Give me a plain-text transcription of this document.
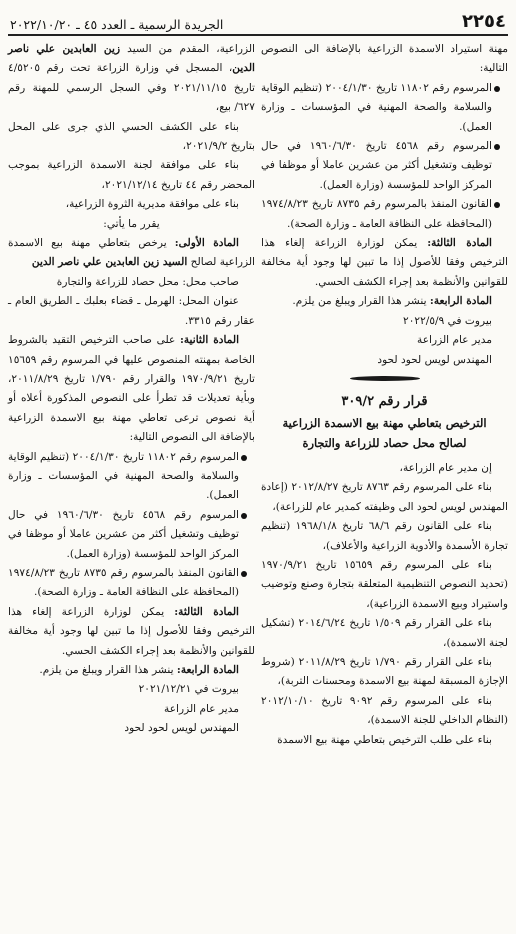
٢٢٥٤
الجريدة الرسمية ـ العدد ٤٥ ـ ٢٠٢٢/١٠/٢٠

مهنة استيراد الاسمدة الزراعية بالإضافة الى النصوص التالية:

المرسوم رقم ١١٨٠٢ تاريخ ٢٠٠٤/١/٣٠ (تنظيم الوقاية والسلامة والصحة المهنية في المؤسسات ـ وزارة العمل).
المرسوم رقم ٤٥٦٨ تاريخ ١٩٦٠/٦/٣٠ في حال توظيف وتشغيل أكثر من عشرين عاملا أو موظفا في المركز الواحد للمؤسسة (وزارة العمل).
القانون المنفذ بالمرسوم رقم ٨٧٣٥ تاريخ ١٩٧٤/٨/٢٣ (المحافظة على النظافة العامة ـ وزارة الصحة).

المادة الثالثة: يمكن لوزارة الزراعة إلغاء هذا الترخيص وفقا للأصول إذا ما تبين لها وجود أية مخالفة للقوانين والأنظمة بعد إجراء الكشف الحسي.

المادة الرابعة: ينشر هذا القرار ويبلغ من يلزم.

بيروت في ٢٠٢٢/٥/٩

مدير عام الزراعة

المهندس لويس لحود لحود

قرار رقم ٣٠٩/٢
الترخيص بتعاطي مهنة بيع الاسمدة الزراعية
لصالح محل حصاد للزراعة والتجارة

إن مدير عام الزراعة،

بناء على المرسوم رقم ٨٧٦٣ تاريخ ٢٠١٢/٨/٢٧ (إعادة المهندس لويس لحود الى وظيفته كمدير عام للزراعة)،

بناء على القانون رقم ٦٨/٦ تاريخ ١٩٦٨/١/٨ (تنظيم تجارة الأسمدة والأدوية الزراعية والأعلاف)،

بناء على المرسوم رقم ١٥٦٥٩ تاريخ ١٩٧٠/٩/٢١ (تحديد النصوص التنظيمية المتعلقة بتجارة وصنع وتوضيب واستيراد وبيع الاسمدة الزراعية)،

بناء على القرار رقم ١/٥٠٩ تاريخ ٢٠١٤/٦/٢٤ (تشكيل لجنة الاسمدة)،

بناء على القرار رقم ١/٧٩٠ تاريخ ٢٠١١/٨/٢٩ (شروط الإجازة المسبقة لمهنة بيع الاسمدة ومحسنات التربة)،

بناء على المرسوم رقم ٩٠٩٢ تاريخ ٢٠١٢/١٠/١٠ (النظام الداخلي للجنة الاسمدة)،

بناء على طلب الترخيص بتعاطي مهنة بيع الاسمدة

الزراعية، المقدم من السيد زين العابدين علي ناصر الدين، المسجل في وزارة الزراعة تحت رقم ٤/٥٢٠٥ تاريخ ٢٠٢١/١١/١٥ وفي السجل الرسمي للمهنة رقم ٦٢٧/ بيع،

بناء على الكشف الحسي الذي جرى على المحل بتاريخ ٢٠٢١/٩/٢،

بناء على موافقة لجنة الاسمدة الزراعية بموجب المحضر رقم ٤٤ تاريخ ٢٠٢١/١٢/١٤،

بناء على موافقة مديرية الثروة الزراعية،

يقرر ما يأتي:

المادة الأولى: يرخص بتعاطي مهنة بيع الاسمدة الزراعية لصالح السيد زين العابدين علي ناصر الدين

صاحب محل: محل حصاد للزراعة والتجارة

عنوان المحل: الهرمل ـ قضاء بعلبك ـ الطريق العام ـ عقار رقم ٣٣١٥.

المادة الثانية: على صاحب الترخيص التقيد بالشروط الخاصة بمهنته المنصوص عليها في المرسوم رقم ١٥٦٥٩ تاريخ ١٩٧٠/٩/٢١ والقرار رقم ١/٧٩٠ تاريخ ٢٠١١/٨/٢٩، وبأية تعديلات قد تطرأ على النصوص المذكورة أعلاه أو أية نصوص ترعى تعاطي مهنة بيع الاسمدة الزراعية بالإضافة الى النصوص التالية:

المرسوم رقم ١١٨٠٢ تاريخ ٢٠٠٤/١/٣٠ (تنظيم الوقاية والسلامة والصحة المهنية في المؤسسات ـ وزارة العمل).
المرسوم رقم ٤٥٦٨ تاريخ ١٩٦٠/٦/٣٠ في حال توظيف وتشغيل أكثر من عشرين عاملا أو موظفا في المركز الواحد للمؤسسة (وزارة العمل).
القانون المنفذ بالمرسوم رقم ٨٧٣٥ تاريخ ١٩٧٤/٨/٢٣ (المحافظة على النظافة العامة ـ وزارة الصحة).

المادة الثالثة: يمكن لوزارة الزراعة إلغاء هذا الترخيص وفقا للأصول إذا ما تبين لها وجود أية مخالفة للقوانين والأنظمة بعد إجراء الكشف الحسي.

المادة الرابعة: ينشر هذا القرار ويبلغ من يلزم.

بيروت في ٢٠٢١/١٢/٢١

مدير عام الزراعة

المهندس لويس لحود لحود
